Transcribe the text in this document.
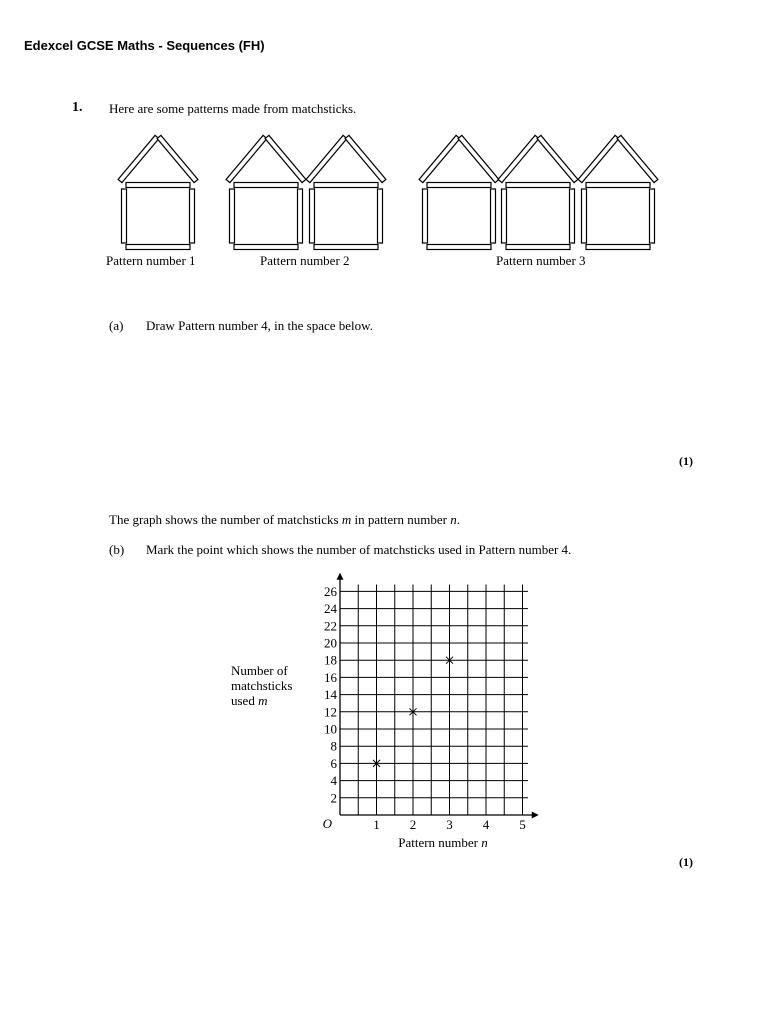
Edexcel GCSE Maths - Sequences (FH)
1. Here are some patterns made from matchsticks.
Pattern number 1	Pattern number 2	Pattern number 3
(a) Draw Pattern number 4, in the space below.
(1)
The graph shows the number of matchsticks m in pattern number n.
(b) Mark the point which shows the number of matchsticks used in Pattern number 4.
Number of
matchsticks
used m
2
4
6
8
10
12
14
16
18
20
22
24
26
1 2 3 4 5
O
Pattern number n
(1)
